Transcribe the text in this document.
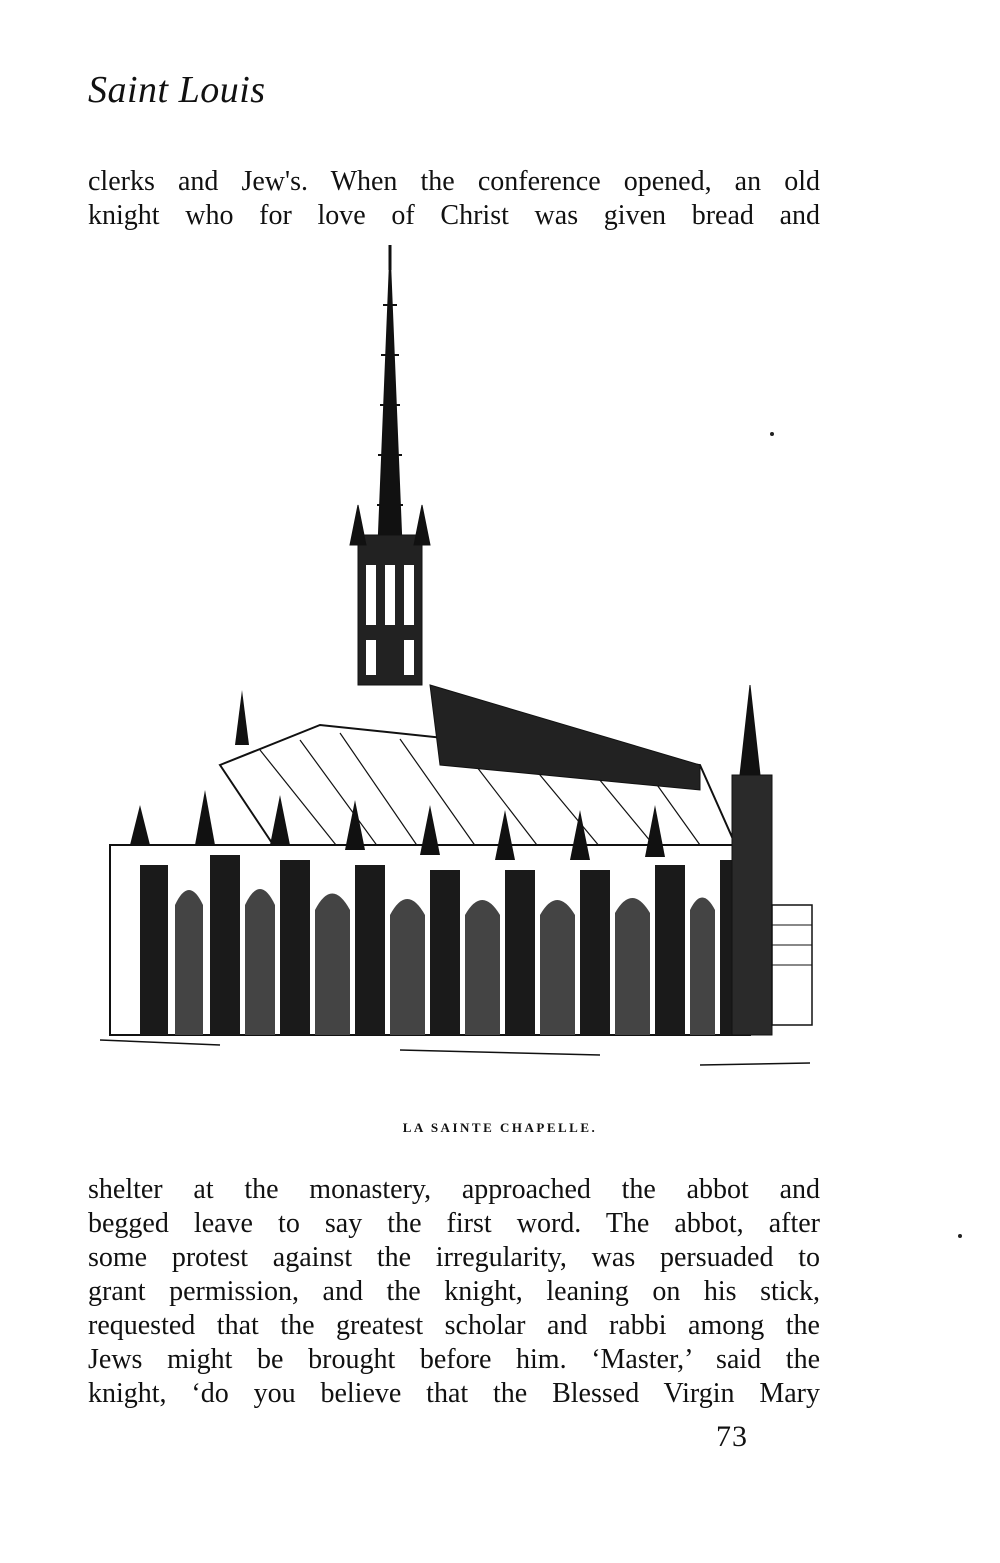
Saint Louis
clerks and Jew's. When the conference opened, an old
knight who for love of Christ was given bread and
LA SAINTE CHAPELLE.
shelter at the monastery, approached the abbot and
begged leave to say the first word. The abbot, after
some protest against the irregularity, was persuaded to
grant permission, and the knight, leaning on his stick,
requested that the greatest scholar and rabbi among the
Jews might be brought before him. ‘Master,’ said the
knight, ‘do you believe that the Blessed Virgin Mary
73
